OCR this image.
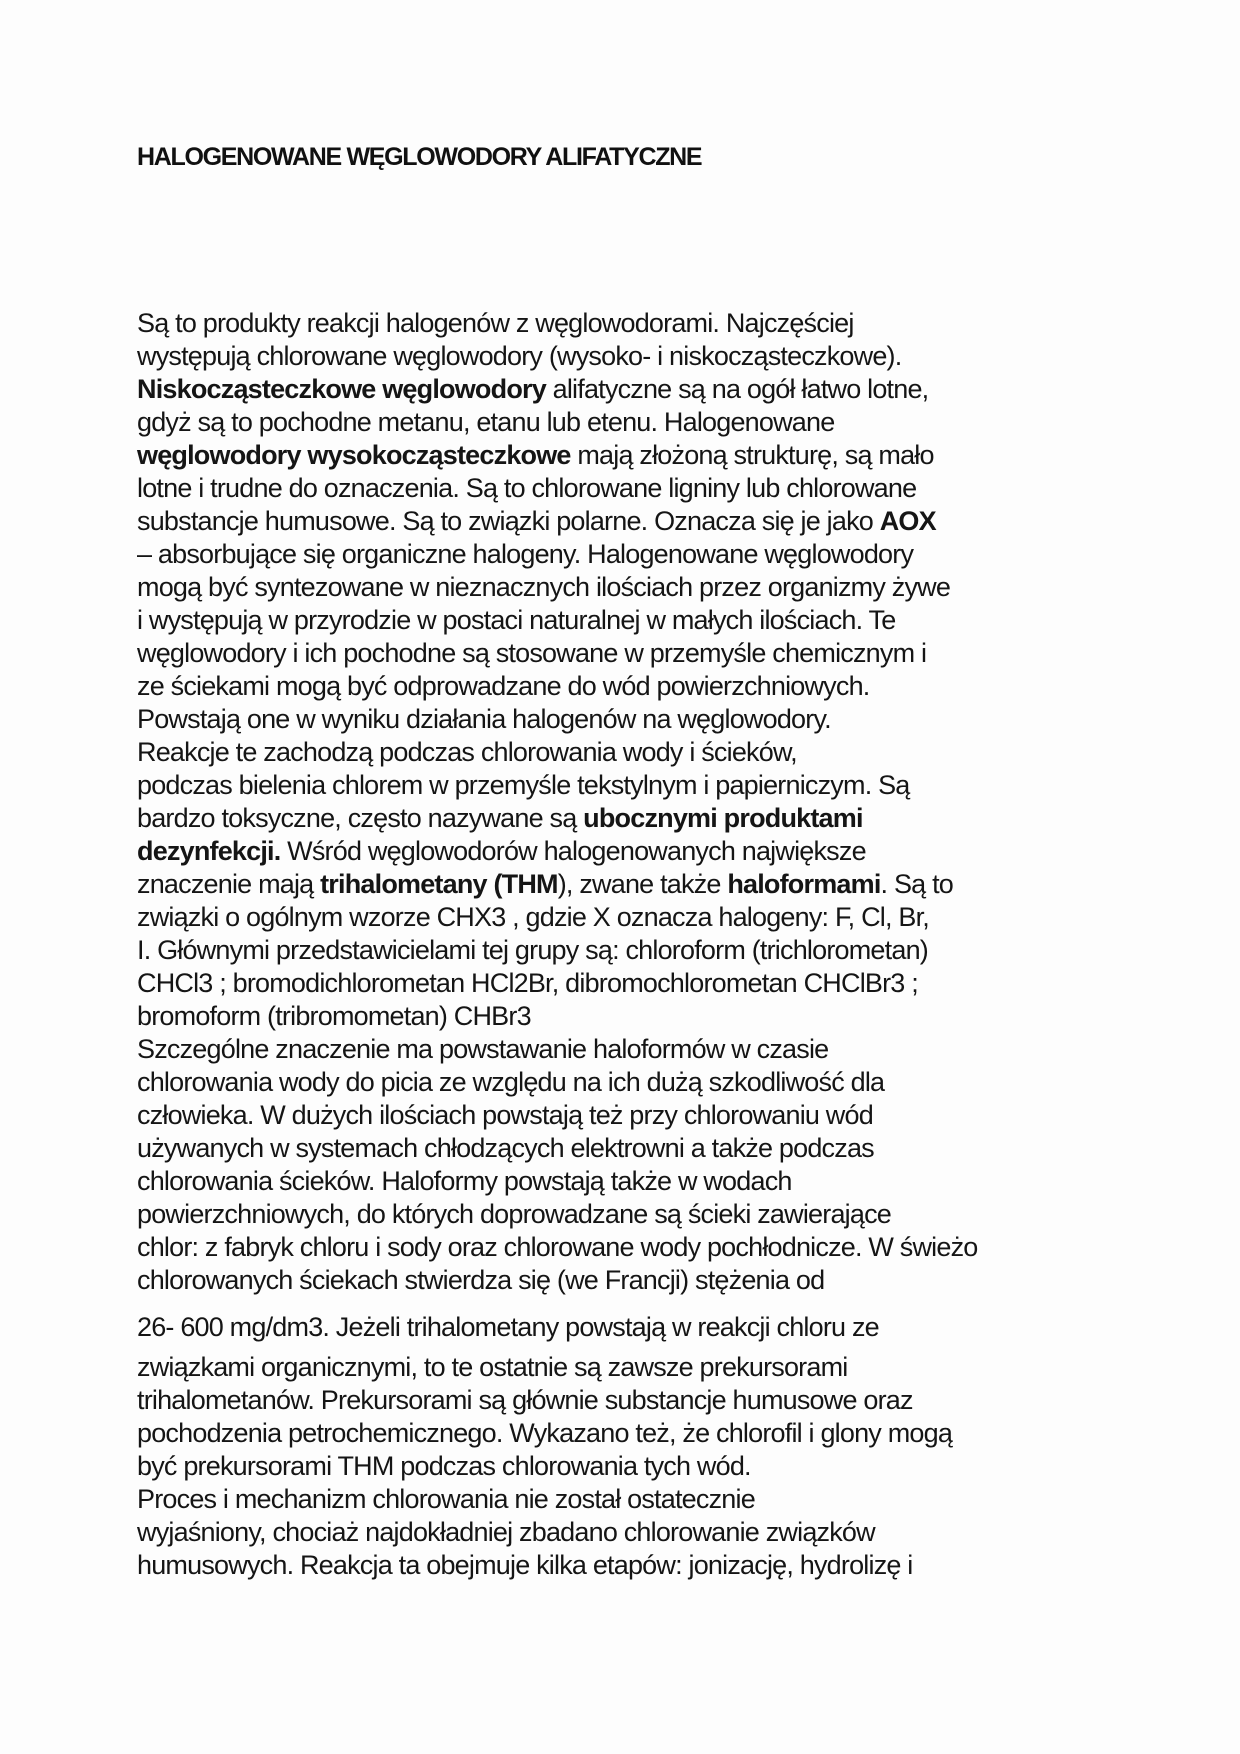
HALOGENOWANE WĘGLOWODORY ALIFATYCZNE
Są to produkty reakcji halogenów z węglowodorami. Najczęściej
występują chlorowane węglowodory (wysoko- i niskocząsteczkowe).
Niskocząsteczkowe węglowodory alifatyczne są na ogół łatwo lotne,
gdyż są to pochodne metanu, etanu lub etenu. Halogenowane
węglowodory wysokocząsteczkowe mają złożoną strukturę, są mało
lotne i trudne do oznaczenia. Są to chlorowane ligniny lub chlorowane
substancje humusowe. Są to związki polarne. Oznacza się je jako AOX
– absorbujące się organiczne halogeny. Halogenowane węglowodory
mogą być syntezowane w nieznacznych ilościach przez organizmy żywe
i występują w przyrodzie w postaci naturalnej w małych ilościach. Te
węglowodory i ich pochodne są stosowane w przemyśle chemicznym i
ze ściekami mogą być odprowadzane do wód powierzchniowych.
Powstają one w wyniku działania halogenów na węglowodory.
Reakcje te zachodzą podczas chlorowania wody i ścieków,
podczas bielenia chlorem w przemyśle tekstylnym i papierniczym. Są
bardzo toksyczne, często nazywane są ubocznymi produktami
dezynfekcji. Wśród węglowodorów halogenowanych największe
znaczenie mają trihalometany (THM), zwane także haloformami. Są to
związki o ogólnym wzorze CHX3 , gdzie X oznacza halogeny: F, Cl, Br,
I. Głównymi przedstawicielami tej grupy są: chloroform (trichlorometan)
CHCl3 ; bromodichlorometan HCl2Br, dibromochlorometan CHClBr3 ;
bromoform (tribromometan) CHBr3
Szczególne znaczenie ma powstawanie haloformów w czasie
chlorowania wody do picia ze względu na ich dużą szkodliwość dla
człowieka. W dużych ilościach powstają też przy chlorowaniu wód
używanych w systemach chłodzących elektrowni a także podczas
chlorowania ścieków. Haloformy powstają także w wodach
powierzchniowych, do których doprowadzane są ścieki zawierające
chlor: z fabryk chloru i sody oraz chlorowane wody pochłodnicze. W świeżo
chlorowanych ściekach stwierdza się (we Francji) stężenia od
26- 600 mg/dm3. Jeżeli trihalometany powstają w reakcji chloru ze
związkami organicznymi, to te ostatnie są zawsze prekursorami
trihalometanów. Prekursorami są głównie substancje humusowe oraz
pochodzenia petrochemicznego. Wykazano też, że chlorofil i glony mogą
być prekursorami THM podczas chlorowania tych wód.
Proces i mechanizm chlorowania nie został ostatecznie
wyjaśniony, chociaż najdokładniej zbadano chlorowanie związków
humusowych. Reakcja ta obejmuje kilka etapów: jonizację, hydrolizę i
